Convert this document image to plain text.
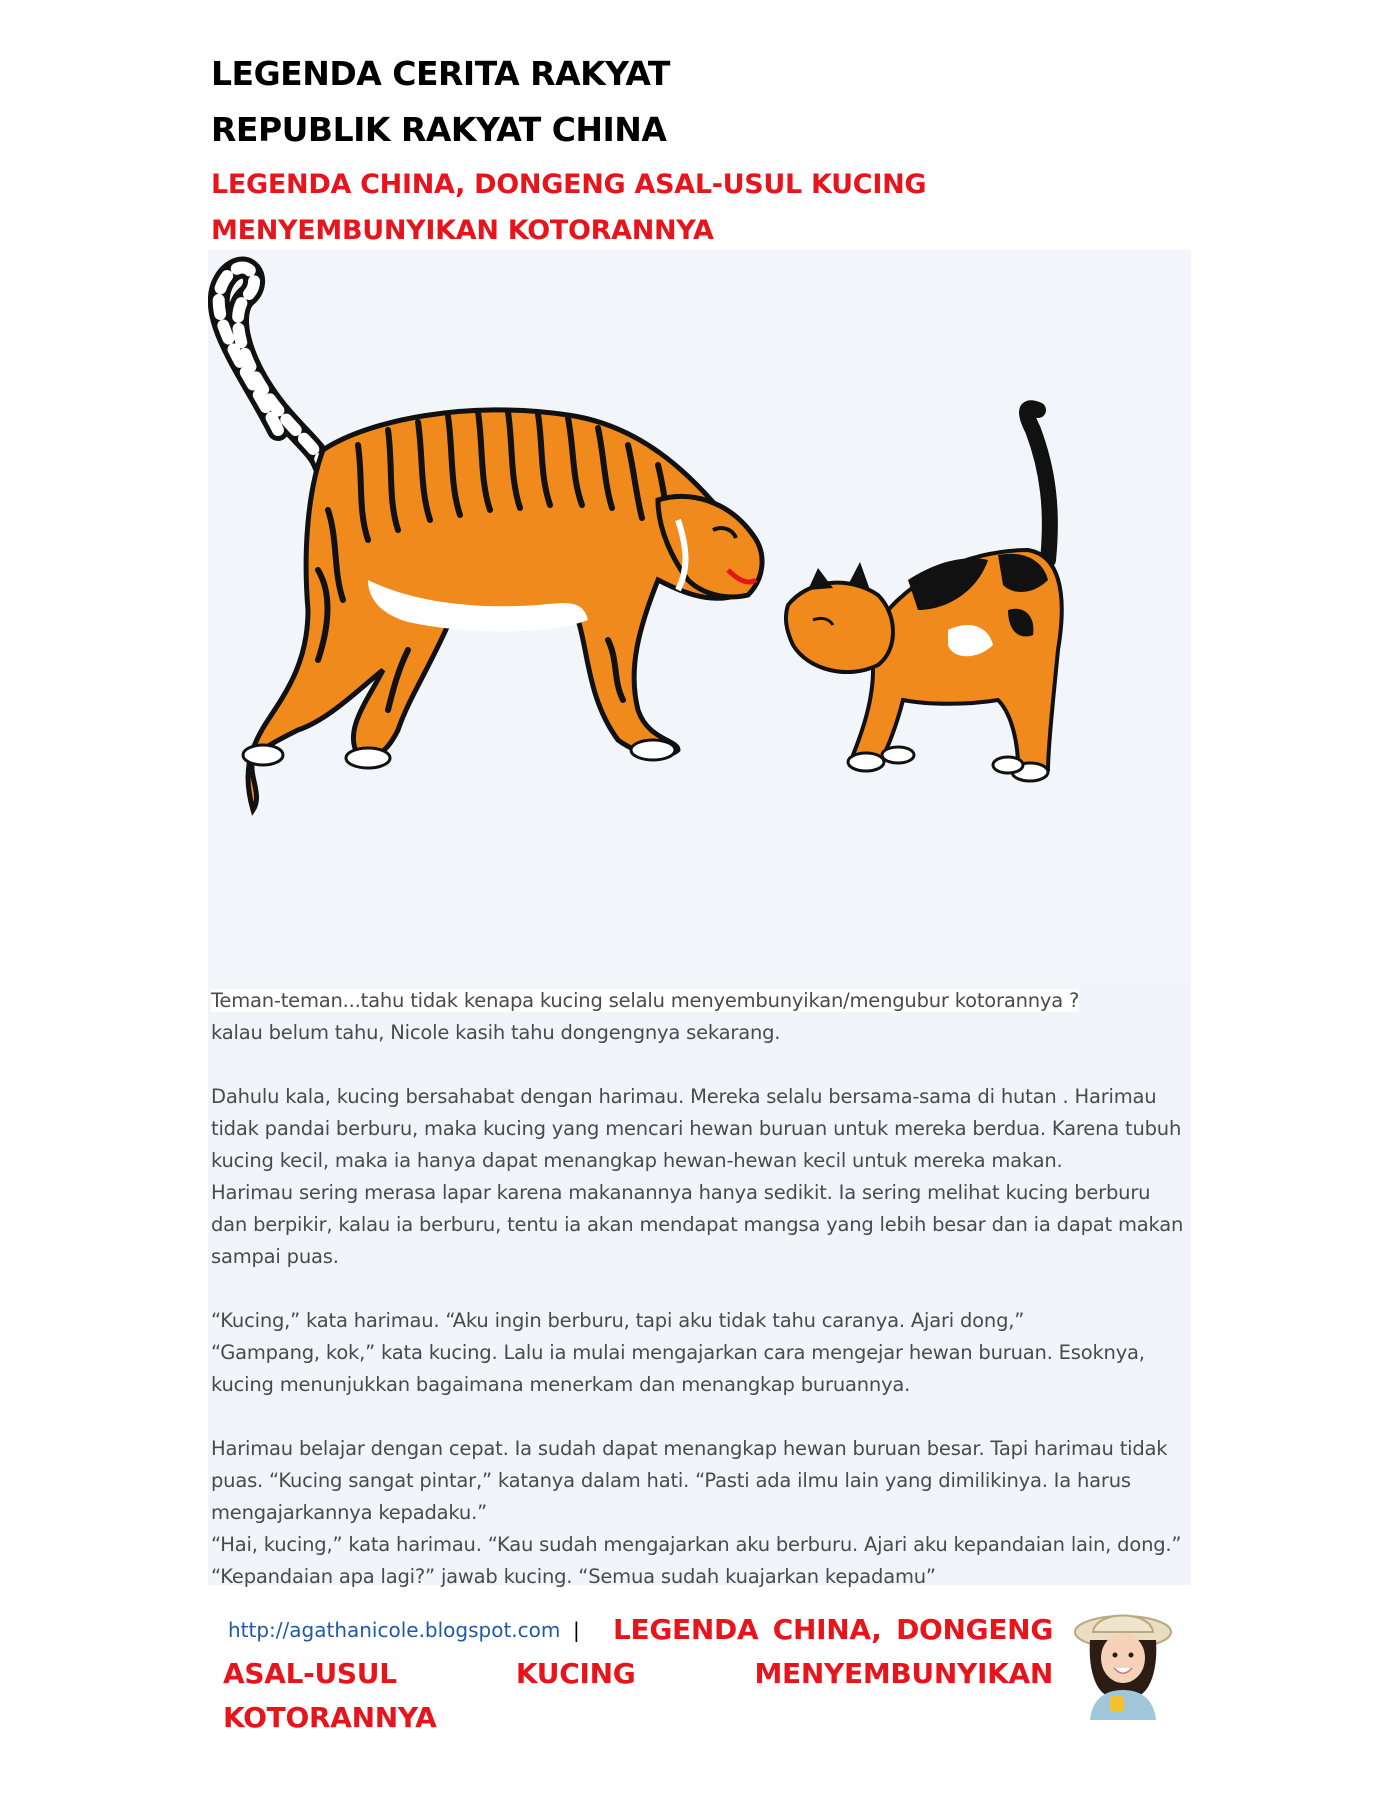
LEGENDA CERITA RAKYAT
REPUBLIK RAKYAT CHINA
LEGENDA CHINA, DONGENG ASAL-USUL KUCING MENYEMBUNYIKAN KOTORANNYA

Teman-teman...tahu tidak kenapa kucing selalu menyembunyikan/mengubur kotorannya ?

kalau belum tahu, Nicole kasih tahu dongengnya sekarang.

Dahulu kala, kucing bersahabat dengan harimau. Mereka selalu bersama-sama di hutan . Harimau tidak pandai berburu, maka kucing yang mencari hewan buruan untuk mereka berdua. Karena tubuh kucing kecil, maka ia hanya dapat menangkap hewan-hewan kecil untuk mereka makan.

Harimau sering merasa lapar karena makanannya hanya sedikit. Ia sering melihat kucing berburu dan berpikir, kalau ia berburu, tentu ia akan mendapat mangsa yang lebih besar dan ia dapat makan sampai puas.

“Kucing,” kata harimau. “Aku ingin berburu, tapi aku tidak tahu caranya. Ajari dong,”

“Gampang, kok,” kata kucing. Lalu ia mulai mengajarkan cara mengejar hewan buruan. Esoknya, kucing menunjukkan bagaimana menerkam dan menangkap buruannya.

Harimau belajar dengan cepat. Ia sudah dapat menangkap hewan buruan besar. Tapi harimau tidak puas. “Kucing sangat pintar,” katanya dalam hati. “Pasti ada ilmu lain yang dimilikinya. Ia harus mengajarkannya kepadaku.”

“Hai, kucing,” kata harimau. “Kau sudah mengajarkan aku berburu. Ajari aku kepandaian lain, dong.”

“Kepandaian apa lagi?” jawab kucing. “Semua sudah kuajarkan kepadamu”

LEGENDA CHINA, DONGENG ASAL-USUL KUCING MENYEMBUNYIKAN KOTORANNYA
http://agathanicole.blogspot.com |
